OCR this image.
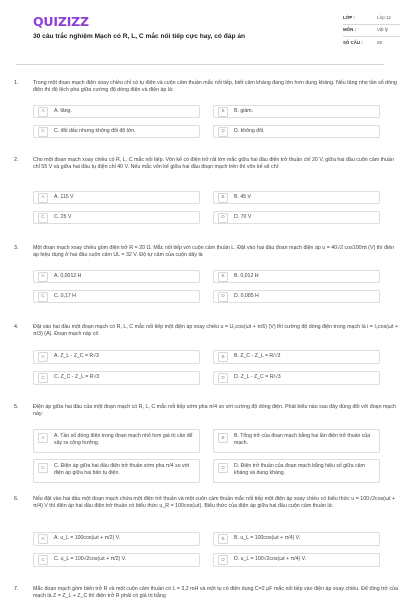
QUIZIZZ
30 câu trắc nghiệm Mạch có R, L, C mắc nối tiếp cực hay, có đáp án
LỚP :	Lớp 12
MÔN :	Vật lý
SỐ CÂU :	29
1.	Trong một đoạn mạch điện xoay chiều chỉ có tụ điện và cuộn cảm thuần mắc nối tiếp, biết cảm kháng đang lớn hơn dung kháng. Nếu tăng nhẹ tần số dòng điện thì độ lệch pha giữa cường độ dòng điện và điện áp là:
A	A. tăng.	B	B. giảm.
C	C. đổi dấu nhưng không đổi độ lớn.	D	D. không đổi.
2.	Cho một đoạn mạch xoay chiều có R, L, C mắc nối tiếp. Vôn kế có điện trở rất lớn mắc giữa hai đầu điện trở thuần chỉ 20 V, giữa hai đầu cuộn cảm thuần chỉ 55 V và giữa hai đầu tụ điện chỉ 40 V. Nếu mắc vôn kế giữa hai đầu đoạn mạch trên thì vôn kế sẽ chỉ:
A	A. 115 V	B	B. 45 V
C	C. 25 V	D	D. 70 V
3.	Một đoạn mạch xoay chiều gồm điện trở R = 20 Ω. Mắc nối tiếp với cuộn cảm thuần L. Đặt vào hai đầu đoạn mạch điện áp u = 40√2 cos100πt (V) thì điện áp hiệu dụng ở hai đầu cuộn cảm UL = 32 V. Độ tự cảm của cuộn dây là
A	A. 0,0012 H	B	B. 0,012 H
C	C. 0,17 H	D	D. 0,085 H
4.	Đặt vào hai đầu một đoạn mạch có R, L, C mắc nối tiếp một điện áp xoay chiều u = U₀cos(ωt + π/6) (V) thì cường độ dòng điện trong mạch là i = I₀cos(ωt + π/3) (A). Đoạn mạch này có
A	A. Z_L - Z_C = R√3	B	B. Z_C - Z_L = R/√3
C	C. Z_C - Z_L = R√3	D	D. Z_L - Z_C = R/√3
5.	Điện áp giữa hai đầu của một đoạn mạch có R, L, C mắc nối tiếp sớm pha π/4 so với cường độ dòng điện. Phát biểu nào sau đây đúng đối với đoạn mạch này:
A	A. Tần số dòng điện trong đoạn mạch nhỏ hơn giá trị cần để xảy ra cộng hưởng.
B	B. Tổng trở của đoạn mạch bằng hai lần điện trở thuần của mạch.
C	C. Điện áp giữa hai đầu điện trở thuần sớm pha π/4 so với điện áp giữa hai bản tụ điện.
D	D. Điện trở thuần của đoạn mạch bằng hiệu số giữa cảm kháng và dung kháng.
6.	Nếu đặt vào hai đầu một đoạn mạch chứa một điện trở thuần và một cuộn cảm thuần mắc nối tiếp một điện áp xoay chiều có biểu thức u = 100√2cos(ωt + π/4) V thì điện áp hai đầu điện trở thuần có biểu thức u_R = 100cos(ωt). Biểu thức của điện áp giữa hai đầu cuộn cảm thuần là:
A	A. u_L = 100cos(ωt + π/2) V.	B	B. u_L = 100cos(ωt + π/4) V.
C	C. u_L = 100√2cos(ωt + π/2) V.	D	D. u_L = 100√2cos(ωt + π/4) V.
7.	Mắc đoạn mạch gồm biến trở R và một cuộn cảm thuần có L = 3,2 mH và một tụ có điện dung C=2 μF mắc nối tiếp vào điện áp xoay chiều. Để tổng trở của mạch là Z = Z_L + Z_C thì điện trở R phải có giá trị bằng
